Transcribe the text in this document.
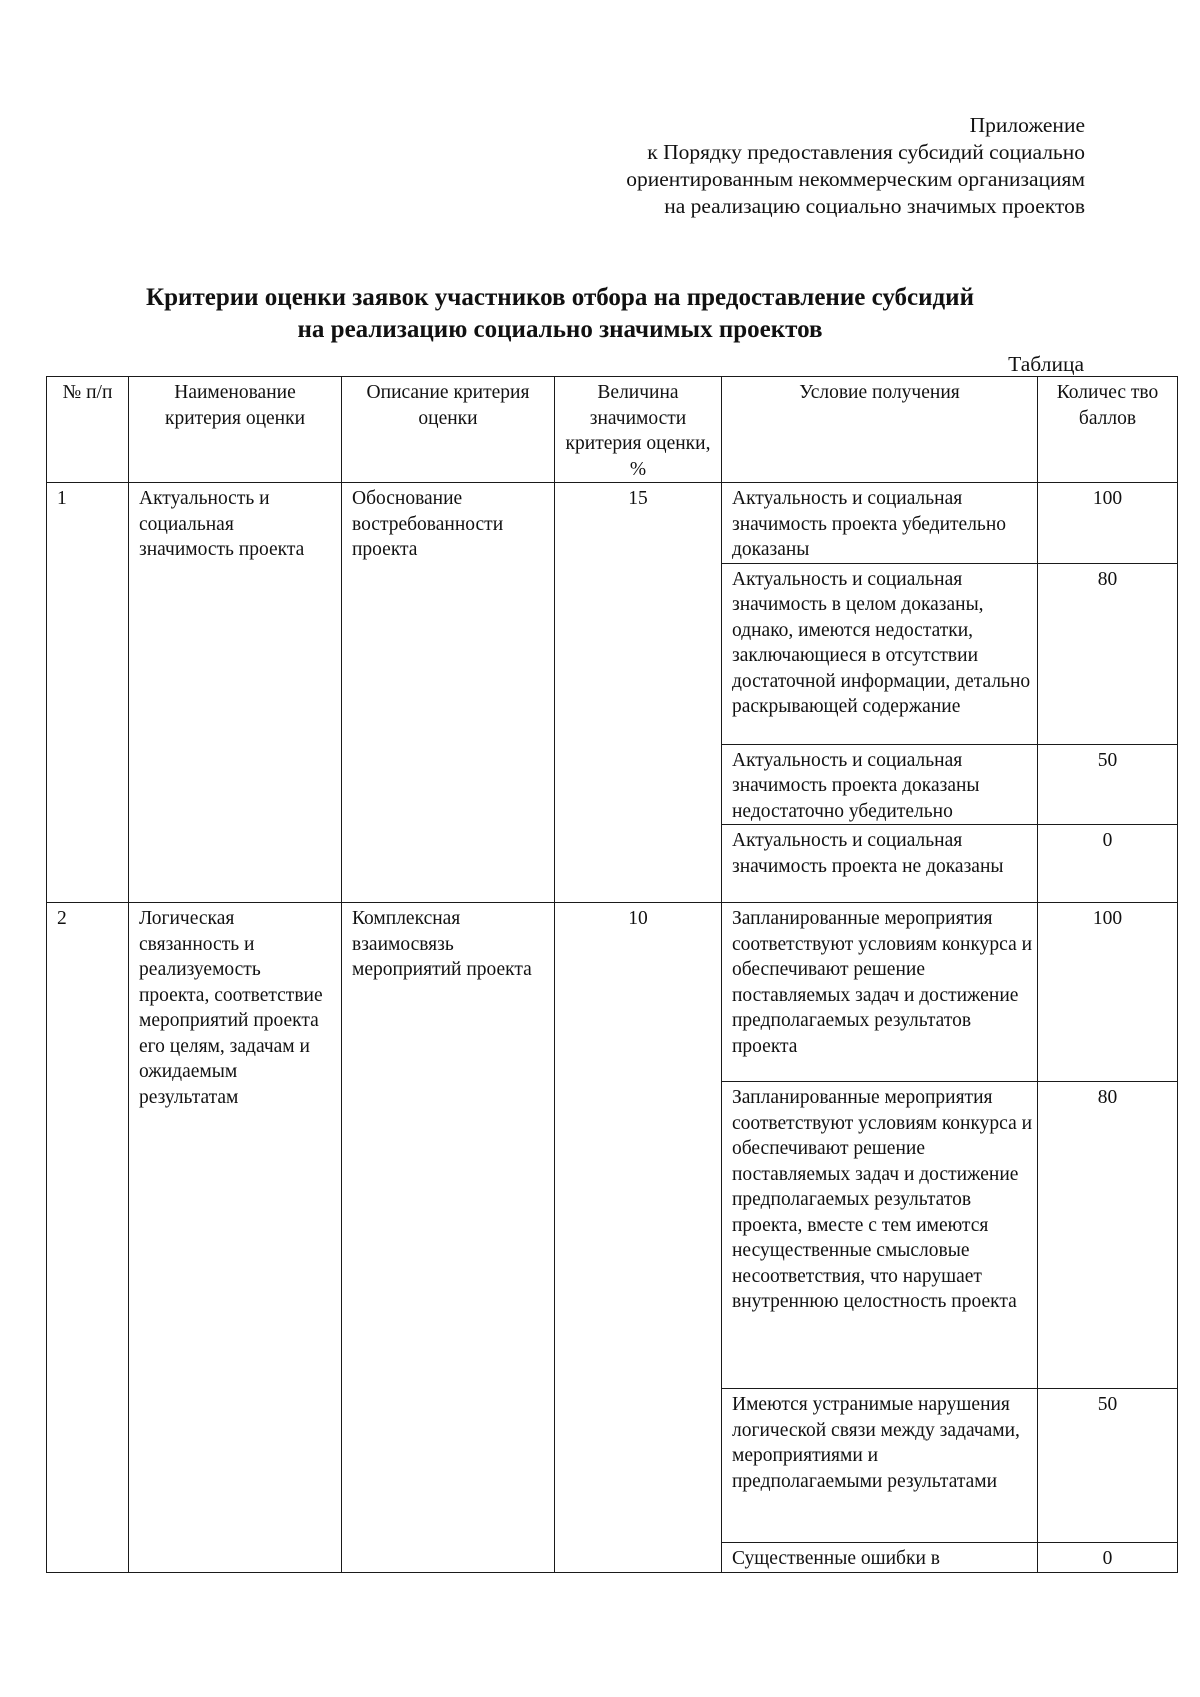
Приложение
к Порядку предоставления субсидий социально
ориентированным некоммерческим организациям
на реализацию социально значимых проектов
Критерии оценки заявок участников отбора на предоставление субсидий
на реализацию социально значимых проектов
Таблица
№ п/п	Наименование критерия оценки	Описание критерия оценки	Величина значимости критерия оценки, %	Условие получения	Количес тво баллов
1	Актуальность и социальная значимость проекта	Обоснование востребованности проекта	15	Актуальность и социальная значимость проекта убедительно доказаны	100
				Актуальность и социальная значимость в целом доказаны, однако, имеются недостатки, заключающиеся в отсутствии достаточной информации, детально раскрывающей содержание	80
				Актуальность и социальная значимость проекта доказаны недостаточно убедительно	50
				Актуальность и социальная значимость проекта не доказаны	0
2	Логическая связанность и реализуемость проекта, соответствие мероприятий проекта его целям, задачам и ожидаемым результатам	Комплексная взаимосвязь мероприятий проекта	10	Запланированные мероприятия соответствуют условиям конкурса и обеспечивают решение поставляемых задач и достижение предполагаемых результатов проекта	100
				Запланированные мероприятия соответствуют условиям конкурса и обеспечивают решение поставляемых задач и достижение предполагаемых результатов проекта, вместе с тем имеются несущественные смысловые несоответствия, что нарушает внутреннюю целостность проекта	80
				Имеются устранимые нарушения логической связи между задачами, мероприятиями и предполагаемыми результатами	50
				Существенные ошибки в	0
